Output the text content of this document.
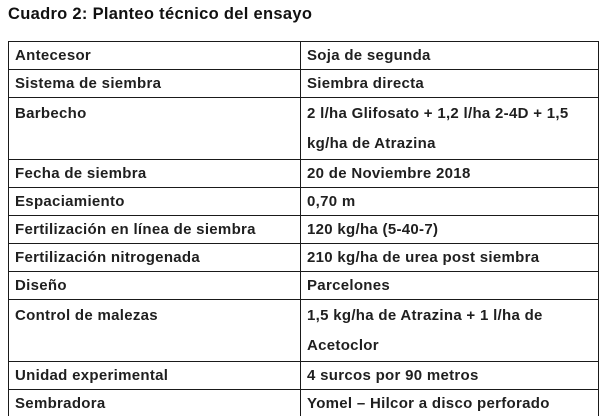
Cuadro 2: Planteo técnico del ensayo
Antecesor	Soja de segunda
Sistema de siembra	Siembra directa
Barbecho	2 l/ha Glifosato + 1,2 l/ha 2-4D + 1,5 kg/ha de Atrazina
Fecha de siembra	20 de Noviembre 2018
Espaciamiento	0,70 m
Fertilización en línea de siembra	120 kg/ha (5-40-7)
Fertilización nitrogenada	210 kg/ha de urea post siembra
Diseño	Parcelones
Control de malezas	1,5 kg/ha de Atrazina + 1 l/ha de Acetoclor
Unidad experimental	4 surcos por 90 metros
Sembradora	Yomel – Hilcor a disco perforado
